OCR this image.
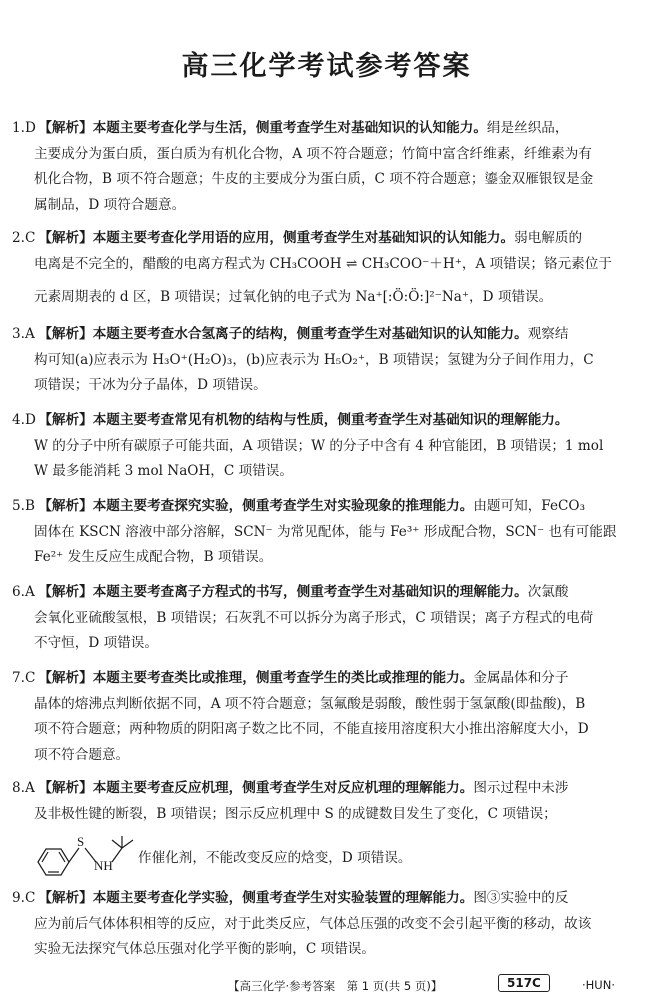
高三化学考试参考答案
1.D 【解析】本题主要考查化学与生活，侧重考查学生对基础知识的认知能力。绢是丝织品，
主要成分为蛋白质，蛋白质为有机化合物，A 项不符合题意；竹简中富含纤维素，纤维素为有
机化合物，B 项不符合题意；牛皮的主要成分为蛋白质，C 项不符合题意；鎏金双雁银钗是金
属制品，D 项符合题意。
2.C 【解析】本题主要考查化学用语的应用，侧重考查学生对基础知识的认知能力。弱电解质的
电离是不完全的，醋酸的电离方程式为 CH₃COOH ⇌ CH₃COO⁻＋H⁺，A 项错误；铬元素位于
元素周期表的 d 区，B 项错误；过氧化钠的电子式为 Na⁺[:Ö:Ö:]²⁻Na⁺，D 项错误。
3.A 【解析】本题主要考查水合氢离子的结构，侧重考查学生对基础知识的认知能力。观察结
构可知(a)应表示为 H₃O⁺(H₂O)₃，(b)应表示为 H₅O₂⁺，B 项错误；氢键为分子间作用力，C
项错误；干冰为分子晶体，D 项错误。
4.D 【解析】本题主要考查常见有机物的结构与性质，侧重考查学生对基础知识的理解能力。
W 的分子中所有碳原子可能共面，A 项错误；W 的分子中含有 4 种官能团，B 项错误；1 mol
W 最多能消耗 3 mol NaOH，C 项错误。
5.B 【解析】本题主要考查探究实验，侧重考查学生对实验现象的推理能力。由题可知，FeCO₃
固体在 KSCN 溶液中部分溶解，SCN⁻ 为常见配体，能与 Fe³⁺ 形成配合物，SCN⁻ 也有可能跟
Fe²⁺ 发生反应生成配合物，B 项错误。
6.A 【解析】本题主要考查离子方程式的书写，侧重考查学生对基础知识的理解能力。次氯酸
会氧化亚硫酸氢根，B 项错误；石灰乳不可以拆分为离子形式，C 项错误；离子方程式的电荷
不守恒，D 项错误。
7.C 【解析】本题主要考查类比或推理，侧重考查学生的类比或推理的能力。金属晶体和分子
晶体的熔沸点判断依据不同，A 项不符合题意；氢氟酸是弱酸，酸性弱于氢氯酸(即盐酸)，B
项不符合题意；两种物质的阴阳离子数之比不同，不能直接用溶度积大小推出溶解度大小，D
项不符合题意。
8.A 【解析】本题主要考查反应机理，侧重考查学生对反应机理的理解能力。图示过程中未涉
及非极性键的断裂，B 项错误；图示反应机理中 S 的成键数目发生了变化，C 项错误；
S
NH 作催化剂，不能改变反应的焓变，D 项错误。
9.C 【解析】本题主要考查化学实验，侧重考查学生对实验装置的理解能力。图③实验中的反
应为前后气体体积相等的反应，对于此类反应，气体总压强的改变不会引起平衡的移动，故该
实验无法探究气体总压强对化学平衡的影响，C 项错误。
【高三化学·参考答案　第 1 页(共 5 页)】	517C	·HUN·
